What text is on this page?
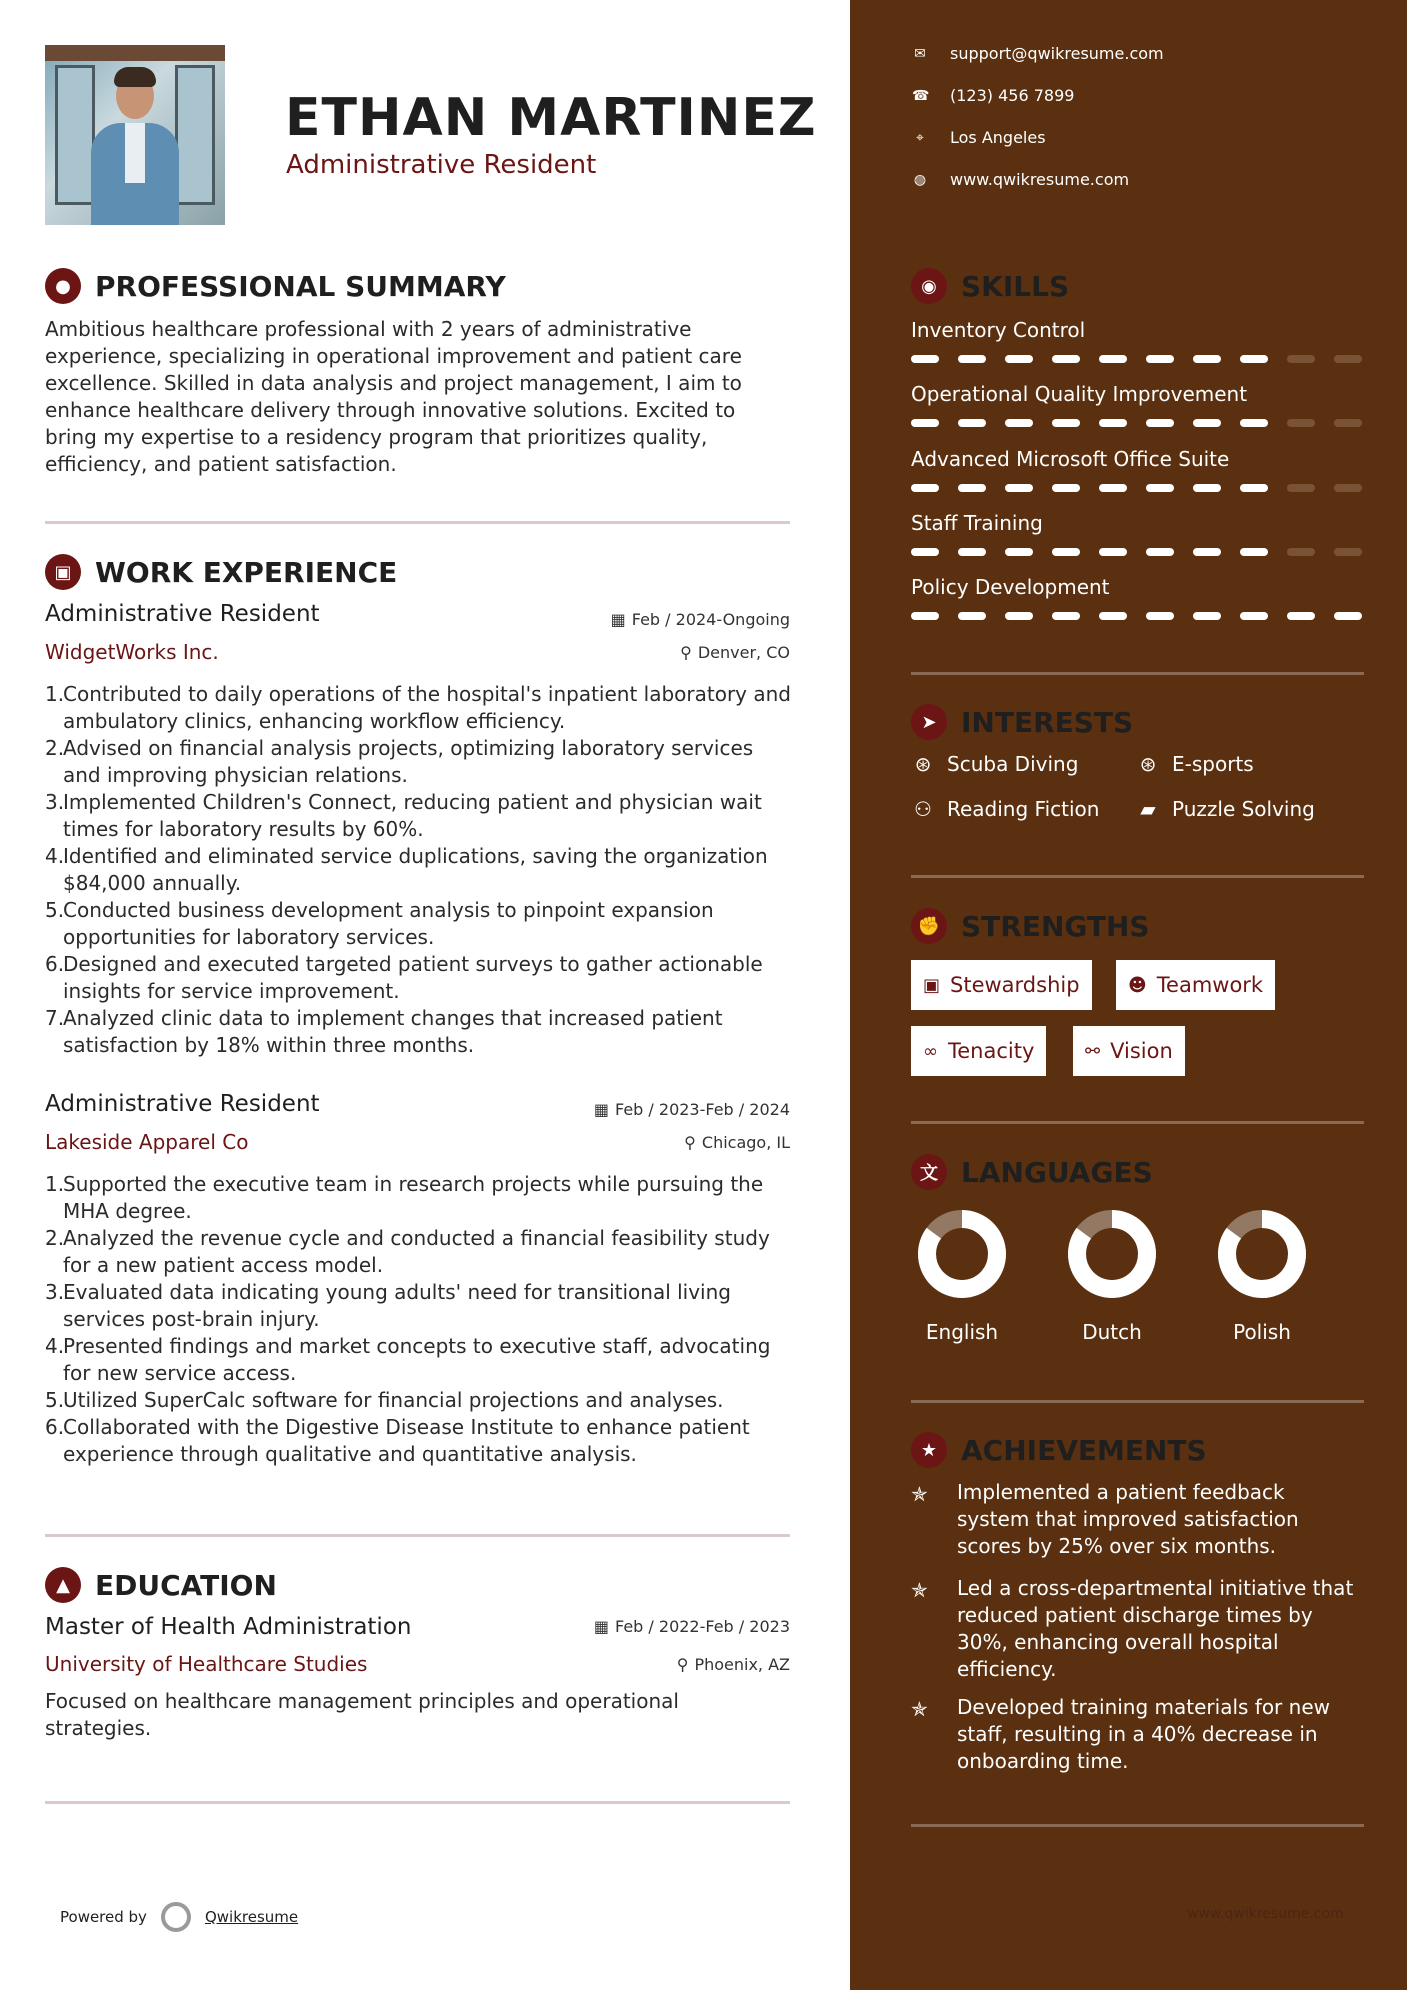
ETHAN MARTINEZ
Administrative Resident
● PROFESSIONAL SUMMARY
Ambitious healthcare professional with 2 years of administrative experience, specializing in operational improvement and patient care excellence. Skilled in data analysis and project management, I aim to enhance healthcare delivery through innovative solutions. Excited to bring my expertise to a residency program that prioritizes quality, efficiency, and patient satisfaction.
▣ WORK EXPERIENCE
Administrative Resident	▦ Feb / 2024-Ongoing
WidgetWorks Inc.	⚲ Denver, CO
1.
Contributed to daily operations of the hospital's inpatient laboratory and ambulatory clinics, enhancing workflow efficiency.
2.
Advised on financial analysis projects, optimizing laboratory services and improving physician relations.
3.
Implemented Children's Connect, reducing patient and physician wait times for laboratory results by 60%.
4.
Identified and eliminated service duplications, saving the organization $84,000 annually.
5.
Conducted business development analysis to pinpoint expansion opportunities for laboratory services.
6.
Designed and executed targeted patient surveys to gather actionable insights for service improvement.
7.
Analyzed clinic data to implement changes that increased patient satisfaction by 18% within three months.
Administrative Resident	▦ Feb / 2023-Feb / 2024
Lakeside Apparel Co	⚲ Chicago, IL
1.
Supported the executive team in research projects while pursuing the MHA degree.
2.
Analyzed the revenue cycle and conducted a financial feasibility study for a new patient access model.
3.
Evaluated data indicating young adults' need for transitional living services post-brain injury.
4.
Presented findings and market concepts to executive staff, advocating for new service access.
5.
Utilized SuperCalc software for financial projections and analyses.
6.
Collaborated with the Digestive Disease Institute to enhance patient experience through qualitative and quantitative analysis.
▲ EDUCATION
Master of Health Administration	▦ Feb / 2022-Feb / 2023
University of Healthcare Studies	⚲ Phoenix, AZ
Focused on healthcare management principles and operational strategies.
Powered by	Qwikresume
✉ support@qwikresume.com
☎ (123) 456 7899
⌖ Los Angeles
◍ www.qwikresume.com
◉ SKILLS
Inventory Control
Operational Quality Improvement
Advanced Microsoft Office Suite
Staff Training
Policy Development
➤ INTERESTS
⊛ Scuba Diving	⊛ E-sports
⚇ Reading Fiction ▰ Puzzle Solving
✊ STRENGTHS
▣ Stewardship	☻ Teamwork
∞ Tenacity	⚯ Vision
文 LANGUAGES
English	Dutch	Polish
★ ACHIEVEMENTS
✯	Implemented a patient feedback system that improved satisfaction scores by 25% over six months.
✯	Led a cross-departmental initiative that reduced patient discharge times by 30%, enhancing overall hospital efficiency.
✯	Developed training materials for new staff, resulting in a 40% decrease in onboarding time.
www.qwikresume.com
